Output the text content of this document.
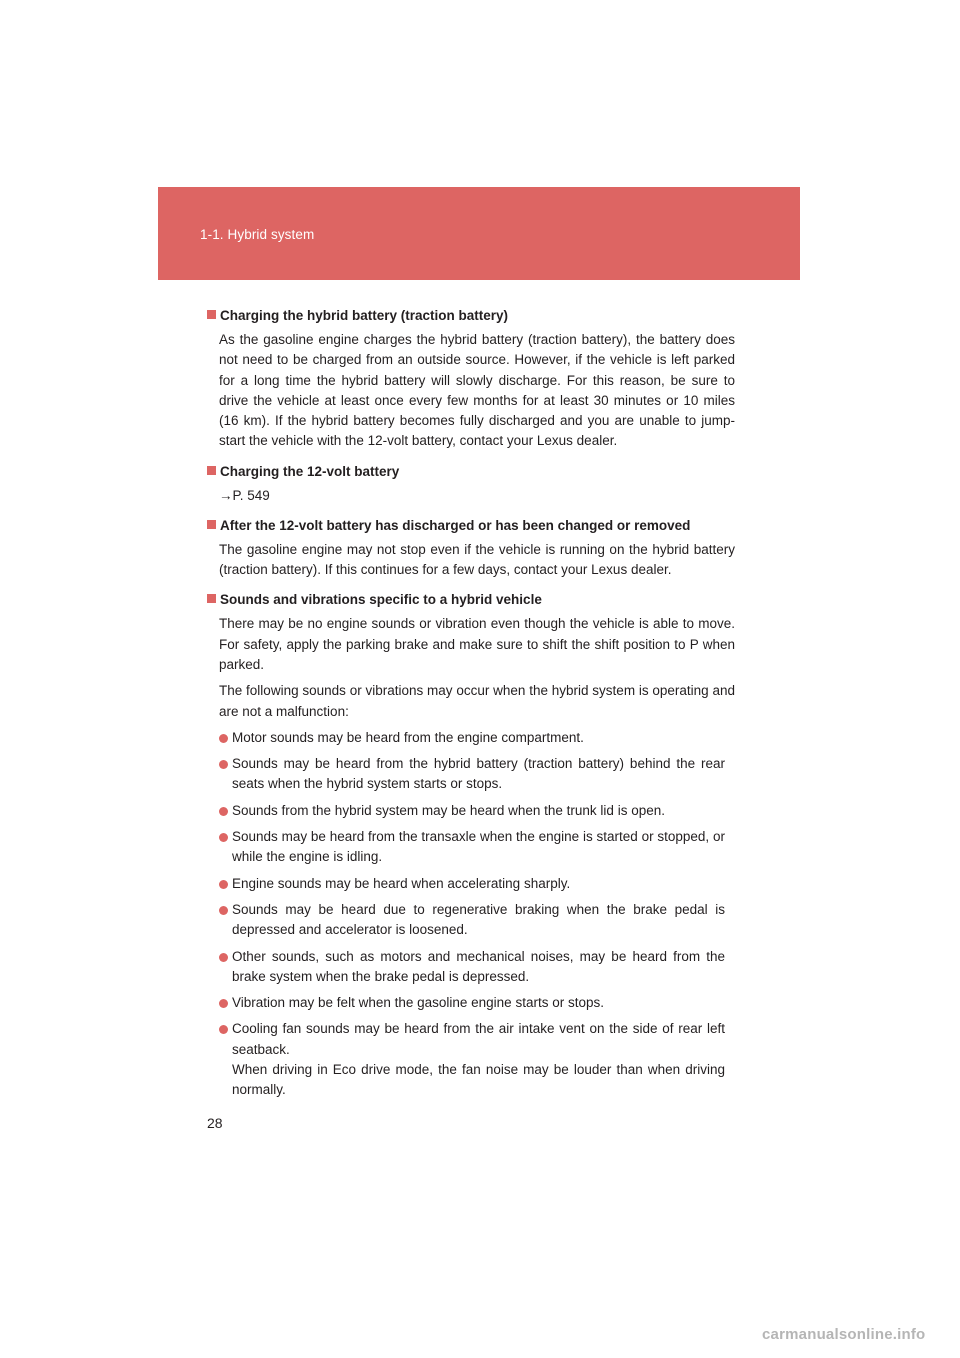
1-1. Hybrid system
Charging the hybrid battery (traction battery)
As the gasoline engine charges the hybrid battery (traction battery), the battery does not need to be charged from an outside source. However, if the vehicle is left parked for a long time the hybrid battery will slowly discharge. For this reason, be sure to drive the vehicle at least once every few months for at least 30 minutes or 10 miles (16 km). If the hybrid battery becomes fully discharged and you are unable to jump-start the vehicle with the 12-volt battery, contact your Lexus dealer.
Charging the 12-volt battery
→P. 549
After the 12-volt battery has discharged or has been changed or removed
The gasoline engine may not stop even if the vehicle is running on the hybrid battery (traction battery). If this continues for a few days, contact your Lexus dealer.
Sounds and vibrations specific to a hybrid vehicle
There may be no engine sounds or vibration even though the vehicle is able to move. For safety, apply the parking brake and make sure to shift the shift position to P when parked.
The following sounds or vibrations may occur when the hybrid system is operating and are not a malfunction:
Motor sounds may be heard from the engine compartment.
Sounds may be heard from the hybrid battery (traction battery) behind the rear seats when the hybrid system starts or stops.
Sounds from the hybrid system may be heard when the trunk lid is open.
Sounds may be heard from the transaxle when the engine is started or stopped, or while the engine is idling.
Engine sounds may be heard when accelerating sharply.
Sounds may be heard due to regenerative braking when the brake pedal is depressed and accelerator is loosened.
Other sounds, such as motors and mechanical noises, may be heard from the brake system when the brake pedal is depressed.
Vibration may be felt when the gasoline engine starts or stops.
Cooling fan sounds may be heard from the air intake vent on the side of rear left seatback.
When driving in Eco drive mode, the fan noise may be louder than when driving normally.
28
carmanualsonline.info
